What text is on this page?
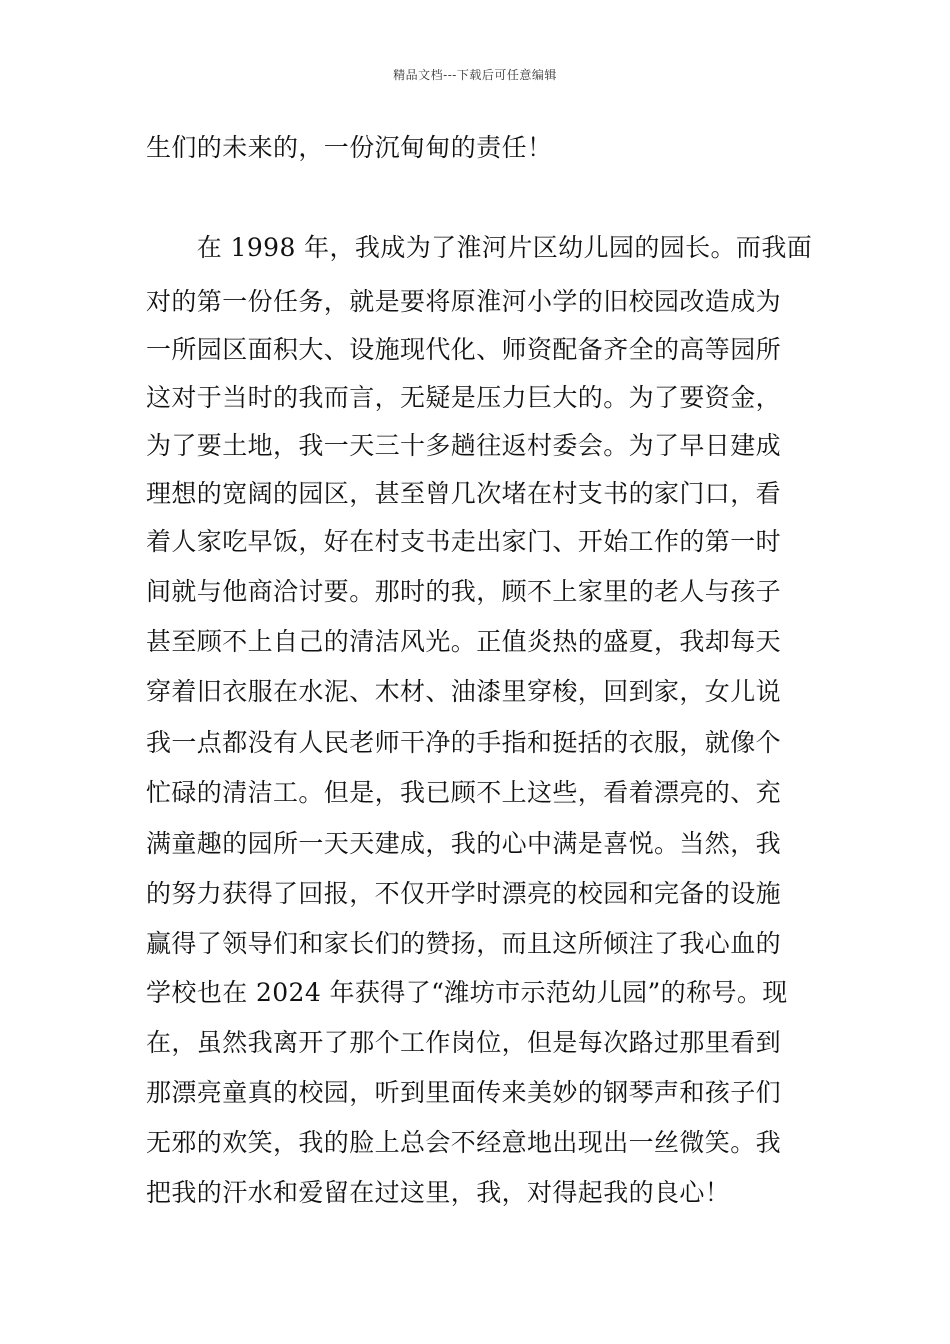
精品文档---下载后可任意编辑
生们的未来的，一份沉甸甸的责任！
　　在 1998 年，我成为了淮河片区幼儿园的园长。而我面
对的第一份任务，就是要将原淮河小学的旧校园改造成为
一所园区面积大、设施现代化、师资配备齐全的高等园所
这对于当时的我而言，无疑是压力巨大的。为了要资金，
为了要土地，我一天三十多趟往返村委会。为了早日建成
理想的宽阔的园区，甚至曾几次堵在村支书的家门口，看
着人家吃早饭，好在村支书走出家门、开始工作的第一时
间就与他商洽讨要。那时的我，顾不上家里的老人与孩子
甚至顾不上自己的清洁风光。正值炎热的盛夏，我却每天
穿着旧衣服在水泥、木材、油漆里穿梭，回到家，女儿说
我一点都没有人民老师干净的手指和挺括的衣服，就像个
忙碌的清洁工。但是，我已顾不上这些，看着漂亮的、充
满童趣的园所一天天建成，我的心中满是喜悦。当然，我
的努力获得了回报，不仅开学时漂亮的校园和完备的设施
赢得了领导们和家长们的赞扬，而且这所倾注了我心血的
学校也在 2024 年获得了“潍坊市示范幼儿园”的称号。现
在，虽然我离开了那个工作岗位，但是每次路过那里看到
那漂亮童真的校园，听到里面传来美妙的钢琴声和孩子们
无邪的欢笑，我的脸上总会不经意地出现出一丝微笑。我
把我的汗水和爱留在过这里，我，对得起我的良心！
